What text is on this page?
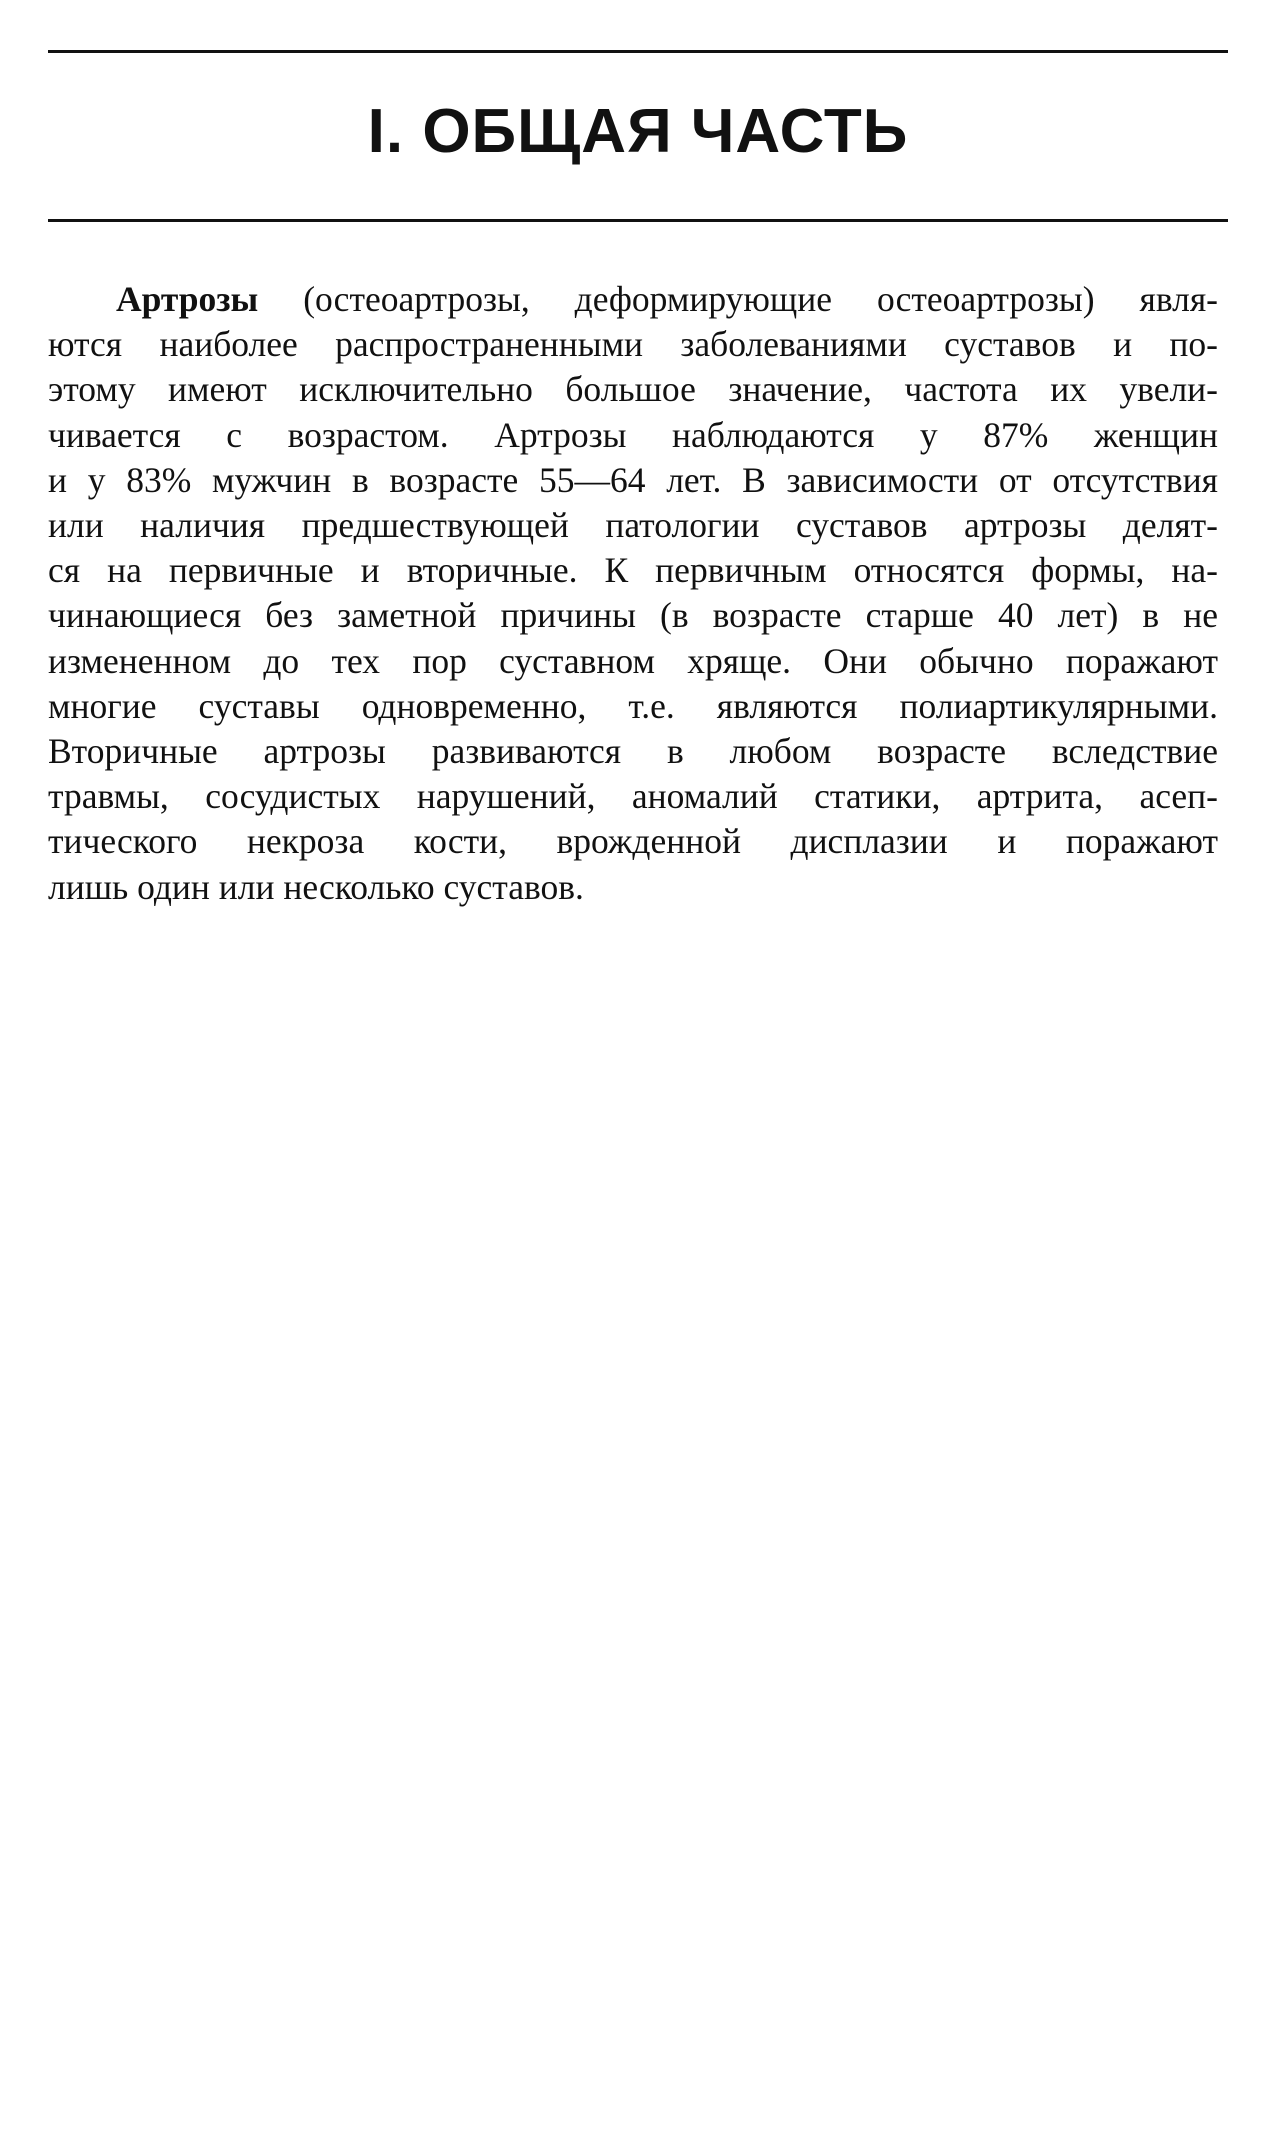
I. ОБЩАЯ ЧАСТЬ
Артрозы (остеоартрозы, деформирующие остеоартрозы) явля-
ются наиболее распространенными заболеваниями суставов и по-
этому имеют исключительно большое значение, частота их увели-
чивается с возрастом. Артрозы наблюдаются у 87% женщин
и у 83% мужчин в возрасте 55—64 лет. В зависимости от отсутствия
или наличия предшествующей патологии суставов артрозы делят-
ся на первичные и вторичные. К первичным относятся формы, на-
чинающиеся без заметной причины (в возрасте старше 40 лет) в не
измененном до тех пор суставном хряще. Они обычно поражают
многие суставы одновременно, т.е. являются полиартикулярными.
Вторичные артрозы развиваются в любом возрасте вследствие
травмы, сосудистых нарушений, аномалий статики, артрита, асеп-
тического некроза кости, врожденной дисплазии и поражают
лишь один или несколько суставов.
